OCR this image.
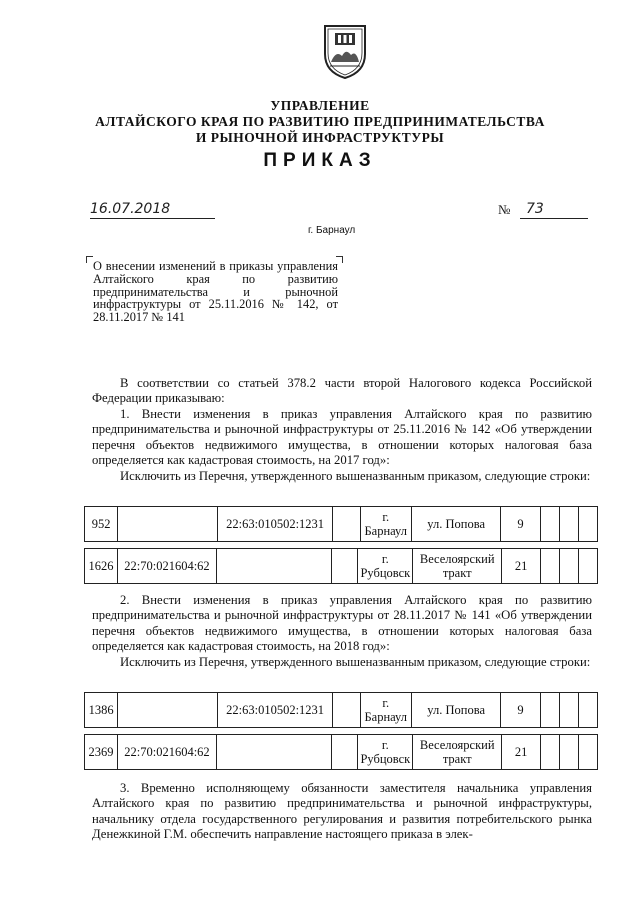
УПРАВЛЕНИЕ
АЛТАЙСКОГО КРАЯ ПО РАЗВИТИЮ ПРЕДПРИНИМАТЕЛЬСТВА
И РЫНОЧНОЙ ИНФРАСТРУКТУРЫ
ПРИКАЗ
16.07.2018	№	73
г. Барнаул
О внесении изменений в приказы управления Алтайского края по развитию предпринимательства и рыночной инфраструктуры от 25.11.2016 № 142, от 28.11.2017 № 141
В соответствии со статьей 378.2 части второй Налогового кодекса Российской Федерации приказываю:
1. Внести изменения в приказ управления Алтайского края по развитию предпринимательства и рыночной инфраструктуры от 25.11.2016 № 142 «Об утверждении перечня объектов недвижимого имущества, в отношении которых налоговая база определяется как кадастровая стоимость, на 2017 год»:
Исключить из Перечня, утвержденного вышеназванным приказом, следующие строки:
952		22:63:010502:1231		г. Барнаул	ул. Попова	9			
1626	22:70:021604:62			г. Рубцовск	Веселоярский тракт	21			
2. Внести изменения в приказ управления Алтайского края по развитию предпринимательства и рыночной инфраструктуры от 28.11.2017 № 141 «Об утверждении перечня объектов недвижимого имущества, в отношении которых налоговая база определяется как кадастровая стоимость, на 2018 год»:
Исключить из Перечня, утвержденного вышеназванным приказом, следующие строки:
1386		22:63:010502:1231		г. Барнаул	ул. Попова	9			
2369	22:70:021604:62			г. Рубцовск	Веселоярский тракт	21			
3. Временно исполняющему обязанности заместителя начальника управления Алтайского края по развитию предпринимательства и рыночной инфраструктуры, начальнику отдела государственного регулирования и развития потребительского рынка Денежкиной Г.М. обеспечить направление настоящего приказа в элек-
